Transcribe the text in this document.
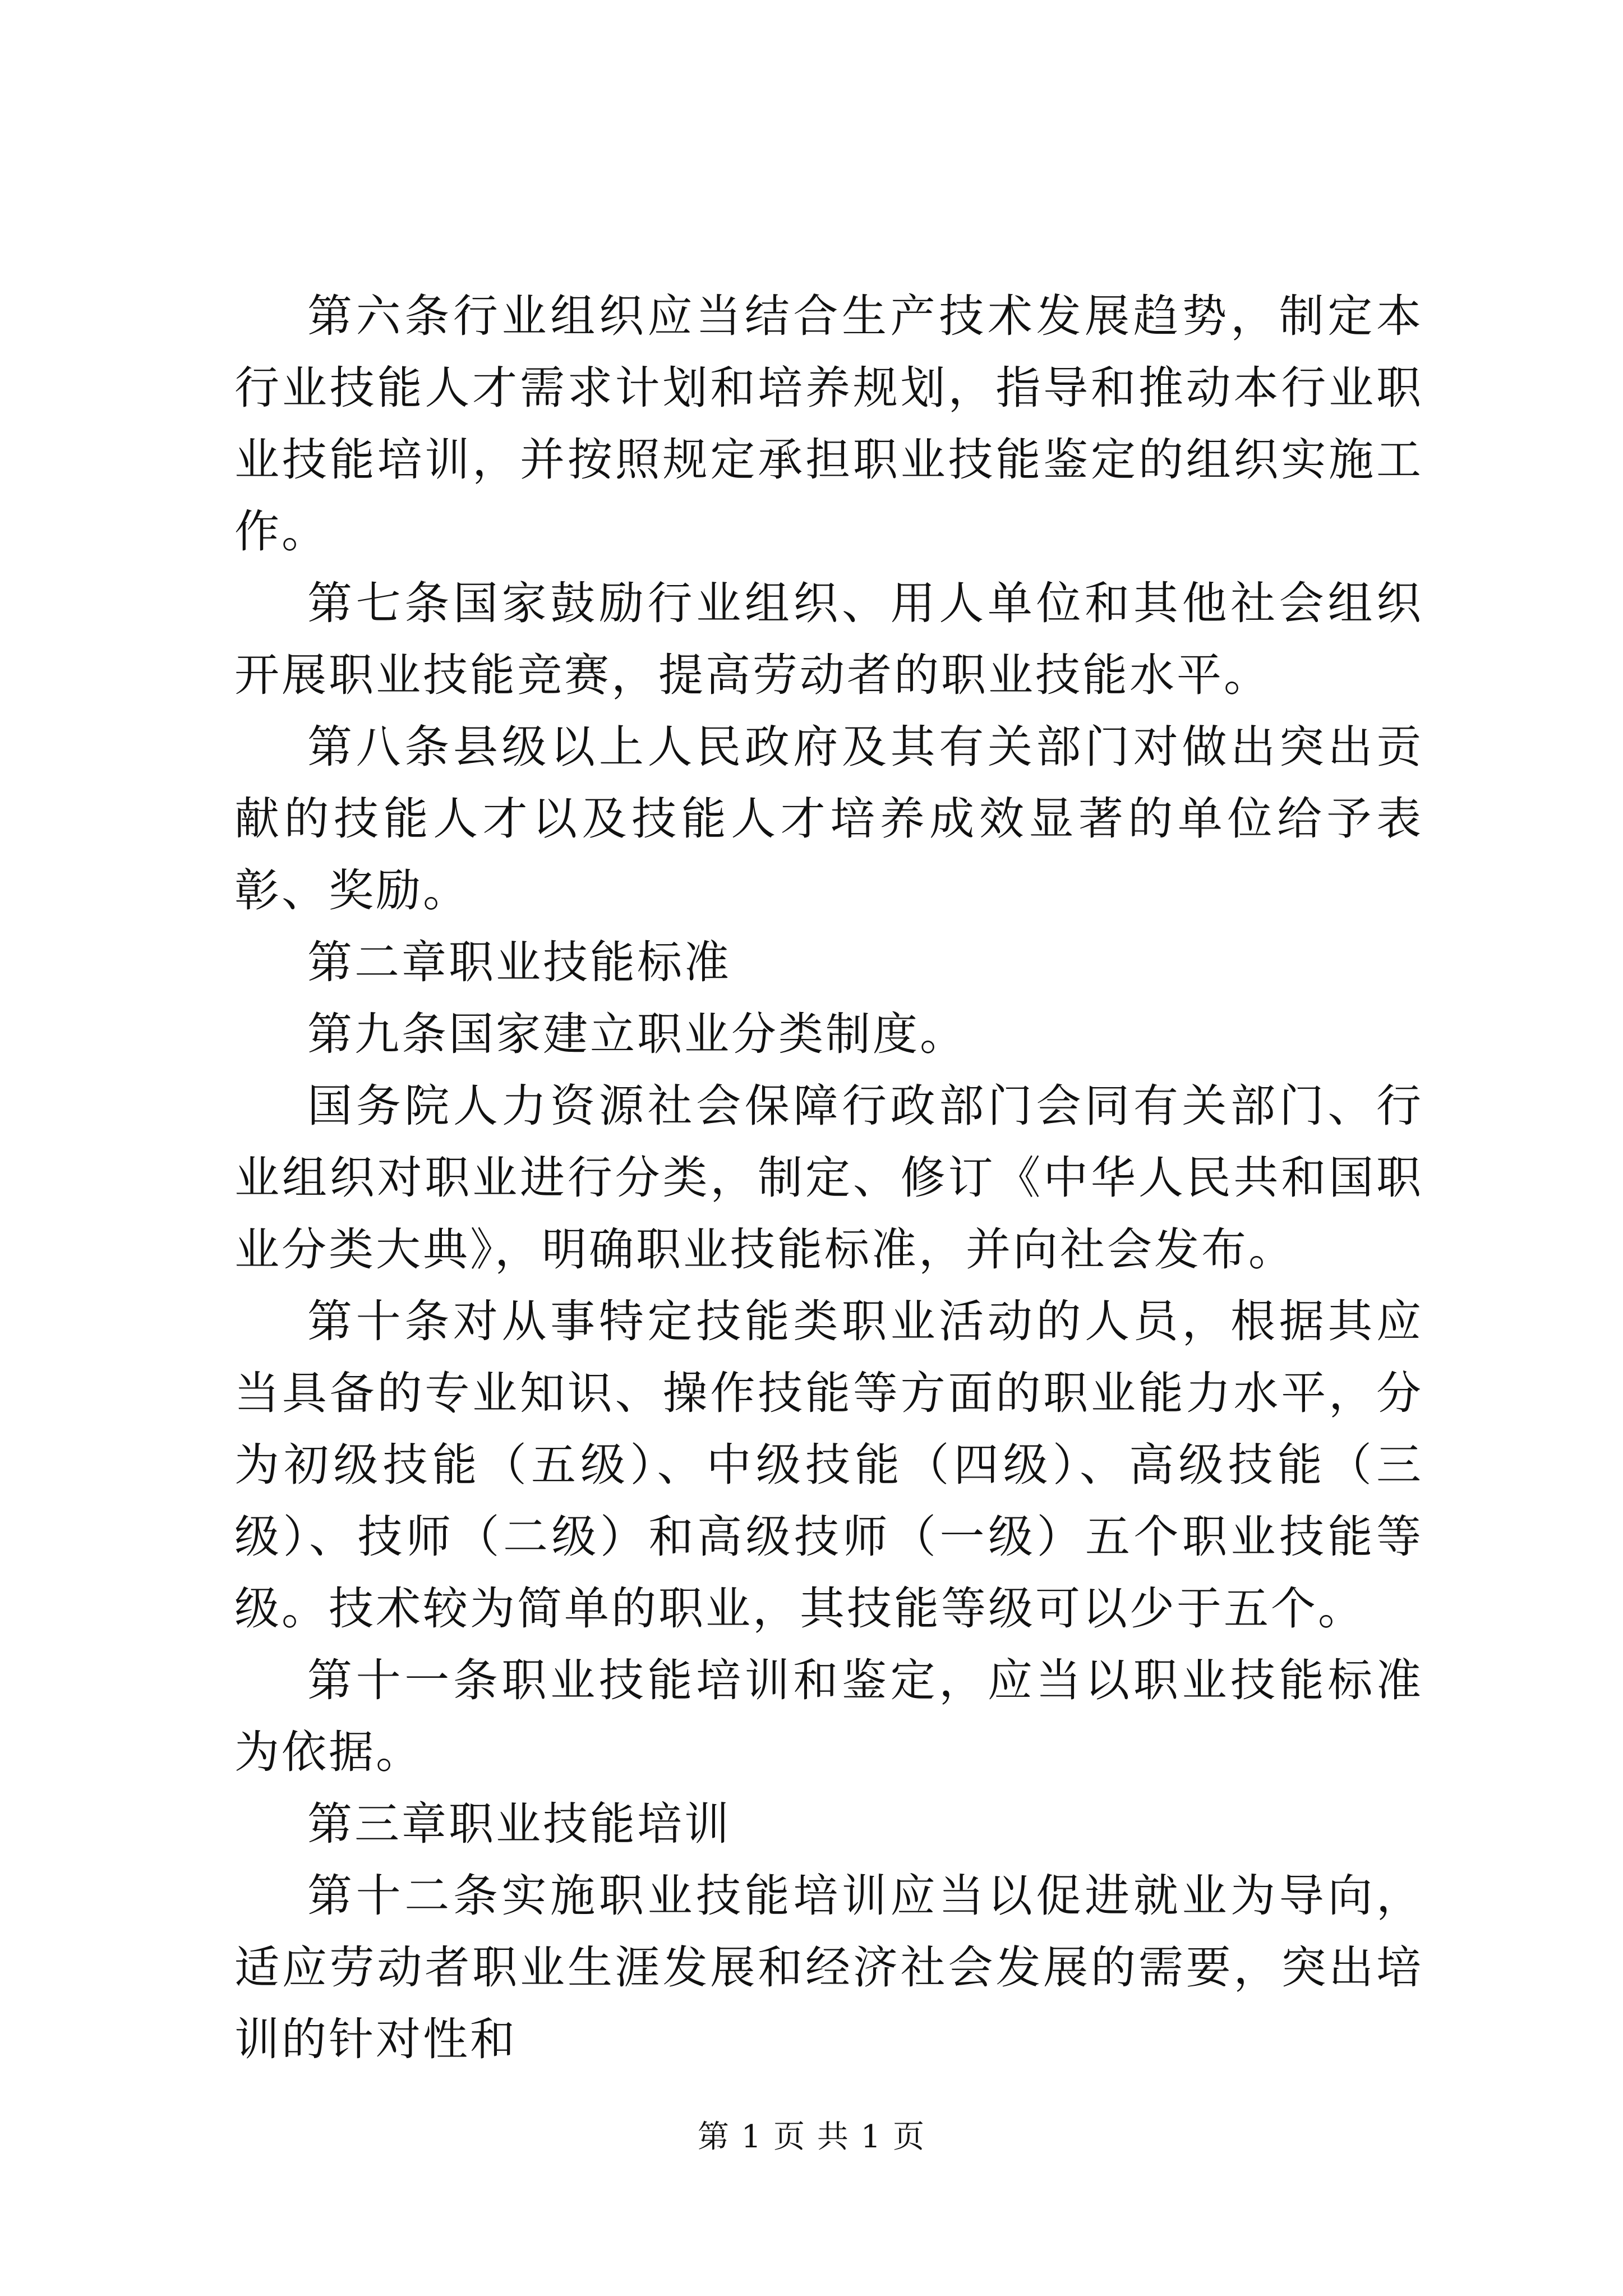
第六条行业组织应当结合生产技术发展趋势，制定本行业技能人才需求计划和培养规划，指导和推动本行业职业技能培训，并按照规定承担职业技能鉴定的组织实施工作。

第七条国家鼓励行业组织、用人单位和其他社会组织开展职业技能竞赛，提高劳动者的职业技能水平。

第八条县级以上人民政府及其有关部门对做出突出贡献的技能人才以及技能人才培养成效显著的单位给予表彰、奖励。

第二章职业技能标准

第九条国家建立职业分类制度。

国务院人力资源社会保障行政部门会同有关部门、行业组织对职业进行分类，制定、修订《中华人民共和国职业分类大典》，明确职业技能标准，并向社会发布。

第十条对从事特定技能类职业活动的人员，根据其应当具备的专业知识、操作技能等方面的职业能力水平，分为初级技能（五级）、中级技能（四级）、高级技能（三级）、技师（二级）和高级技师（一级）五个职业技能等级。技术较为简单的职业，其技能等级可以少于五个。

第十一条职业技能培训和鉴定，应当以职业技能标准为依据。

第三章职业技能培训

第十二条实施职业技能培训应当以促进就业为导向，适应劳动者职业生涯发展和经济社会发展的需要，突出培训的针对性和

第 1 页 共 1 页
